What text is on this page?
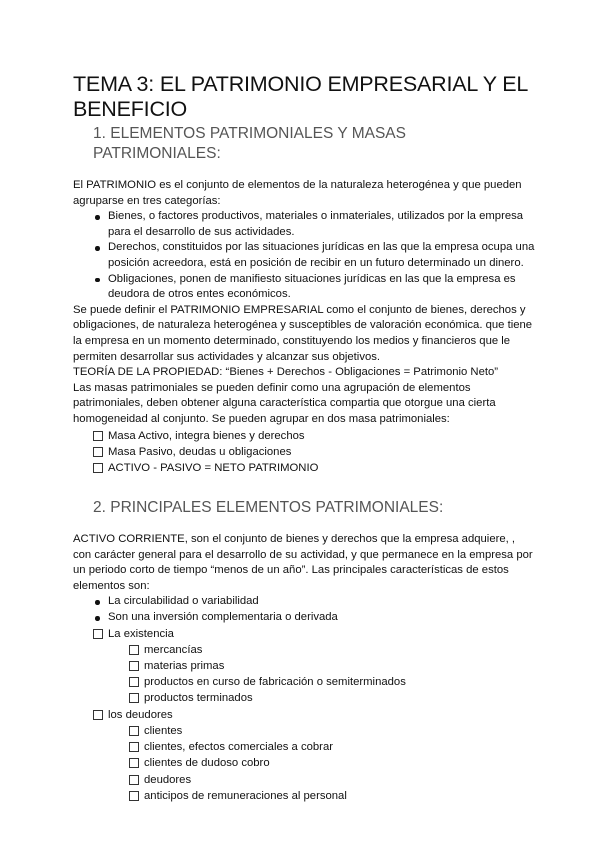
TEMA 3: EL PATRIMONIO EMPRESARIAL Y EL BENEFICIO
1. ELEMENTOS PATRIMONIALES Y MASAS PATRIMONIALES:

El PATRIMONIO es el conjunto de elementos de la naturaleza heterogénea y que pueden agruparse en tres categorías:

Bienes, o factores productivos, materiales o inmateriales, utilizados por la empresa para el desarrollo de sus actividades.
Derechos, constituidos por las situaciones jurídicas en las que la empresa ocupa una posición acreedora, está en posición de recibir en un futuro determinado un dinero.
Obligaciones, ponen de manifiesto situaciones jurídicas en las que la empresa es deudora de otros entes económicos.

Se puede definir el PATRIMONIO EMPRESARIAL como el conjunto de bienes, derechos y obligaciones, de naturaleza heterogénea y susceptibles de valoración económica. que tiene la empresa en un momento determinado, constituyendo los medios y financieros que le permiten desarrollar sus actividades y alcanzar sus objetivos.

TEORÍA DE LA PROPIEDAD: “Bienes + Derechos - Obligaciones = Patrimonio Neto”

Las masas patrimoniales se pueden definir como una agrupación de elementos patrimoniales, deben obtener alguna característica compartia que otorgue una cierta homogeneidad al conjunto. Se pueden agrupar en dos masa patrimoniales:

Masa Activo, integra bienes y derechos
Masa Pasivo, deudas u obligaciones
ACTIVO - PASIVO = NETO PATRIMONIO
2. PRINCIPALES ELEMENTOS PATRIMONIALES:

ACTIVO CORRIENTE, son el conjunto de bienes y derechos que la empresa adquiere, , con carácter general para el desarrollo de su actividad, y que permanece en la empresa por un periodo corto de tiempo “menos de un año”. Las principales características de estos elementos son:

La circulabilidad o variabilidad
Son una inversión complementaria o derivada
La existencia
mercancías
materias primas
productos en curso de fabricación o semiterminados
productos terminados
los deudores
clientes
clientes, efectos comerciales a cobrar
clientes de dudoso cobro
deudores
anticipos de remuneraciones al personal
